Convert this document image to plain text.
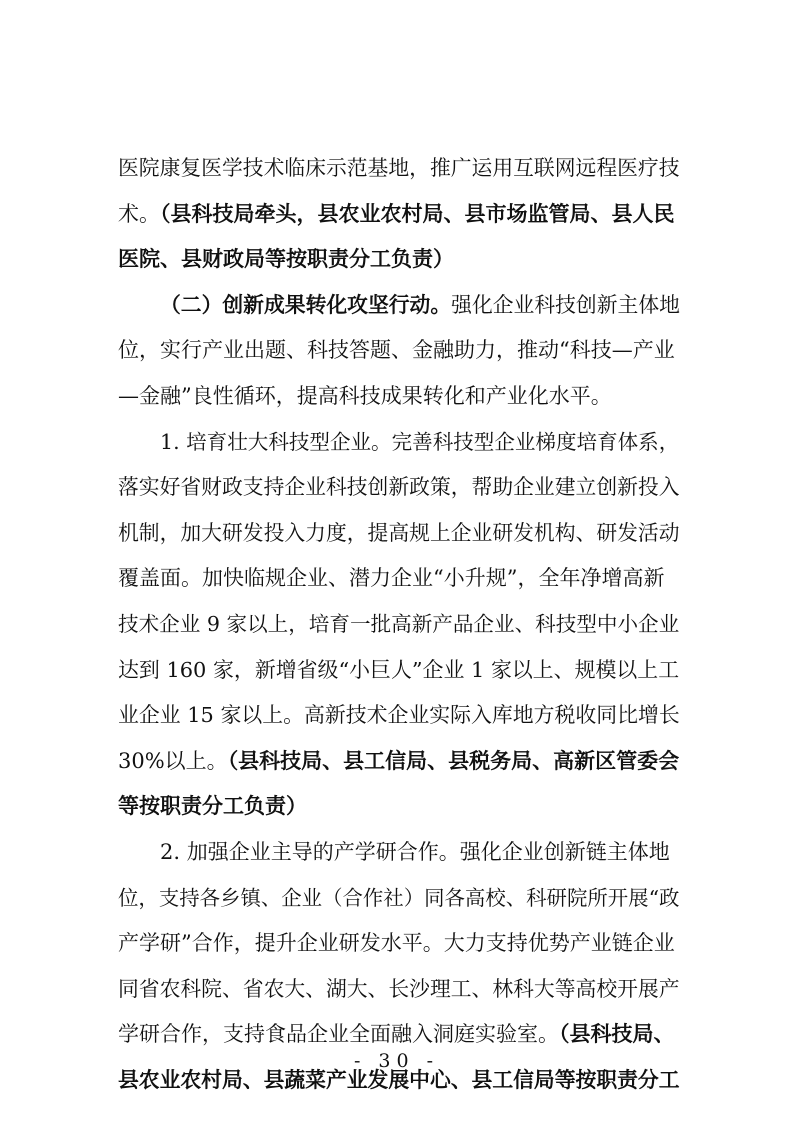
医院康复医学技术临床示范基地，推广运用互联网远程医疗技
术。（县科技局牵头，县农业农村局、县市场监管局、县人民
医院、县财政局等按职责分工负责）
（二）创新成果转化攻坚行动。强化企业科技创新主体地
位，实行产业出题、科技答题、金融助力，推动“科技—产业
—金融”良性循环，提高科技成果转化和产业化水平。
1. 培育壮大科技型企业。完善科技型企业梯度培育体系，
落实好省财政支持企业科技创新政策，帮助企业建立创新投入
机制，加大研发投入力度，提高规上企业研发机构、研发活动
覆盖面。加快临规企业、潜力企业“小升规”，全年净增高新
技术企业 9 家以上，培育一批高新产品企业、科技型中小企业
达到 160 家，新增省级“小巨人”企业 1 家以上、规模以上工
业企业 15 家以上。高新技术企业实际入库地方税收同比增长
30%以上。（县科技局、县工信局、县税务局、高新区管委会
等按职责分工负责）
2. 加强企业主导的产学研合作。强化企业创新链主体地
位，支持各乡镇、企业（合作社）同各高校、科研院所开展“政
产学研”合作，提升企业研发水平。大力支持优势产业链企业
同省农科院、省农大、湖大、长沙理工、林科大等高校开展产
学研合作，支持食品企业全面融入洞庭实验室。（县科技局、
县农业农村局、县蔬菜产业发展中心、县工信局等按职责分工
- 30 -
